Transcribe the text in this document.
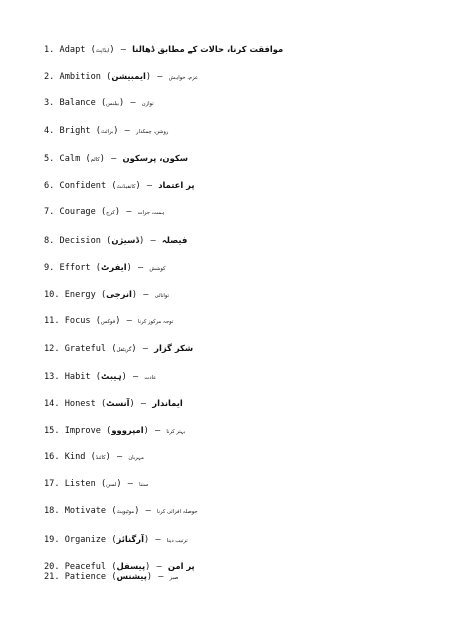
1. Adapt (ایڈاپٹ) – موافقت کرنا، حالات کے مطابق ڈھالنا
2. Ambition (ایمبیشن) – عزم، خواہش
3. Balance (بیلنس) – توازن
4. Bright (برائٹ) – روشن، چمکدار
5. Calm (کالم) – سکون، پرسکون
6. Confident (کانفیڈنٹ) – پر اعتماد
7. Courage (کرج) – ہمت، جرات
8. Decision (ڈسیژن) – فیصلہ
9. Effort (ایفرٹ) – کوشش
10. Energy (انرجی) – توانائی
11. Focus (فوکس) – توجہ مرکوز کرنا
12. Grateful (گریٹفل) – شکر گزار
13. Habit (ہیبٹ) – عادت
14. Honest (آنسٹ) – ایماندار
15. Improve (امپرووو) – بہتر کرنا
16. Kind (کائنڈ) – مہربان
17. Listen (لسن) – سننا
18. Motivate (موٹیویٹ) – حوصلہ افزائی کرنا
19. Organize (آرگنائز) – ترتیب دینا
20. Peaceful (پیسفل) – پر امن
21. Patience (پیشنس) – صبر
